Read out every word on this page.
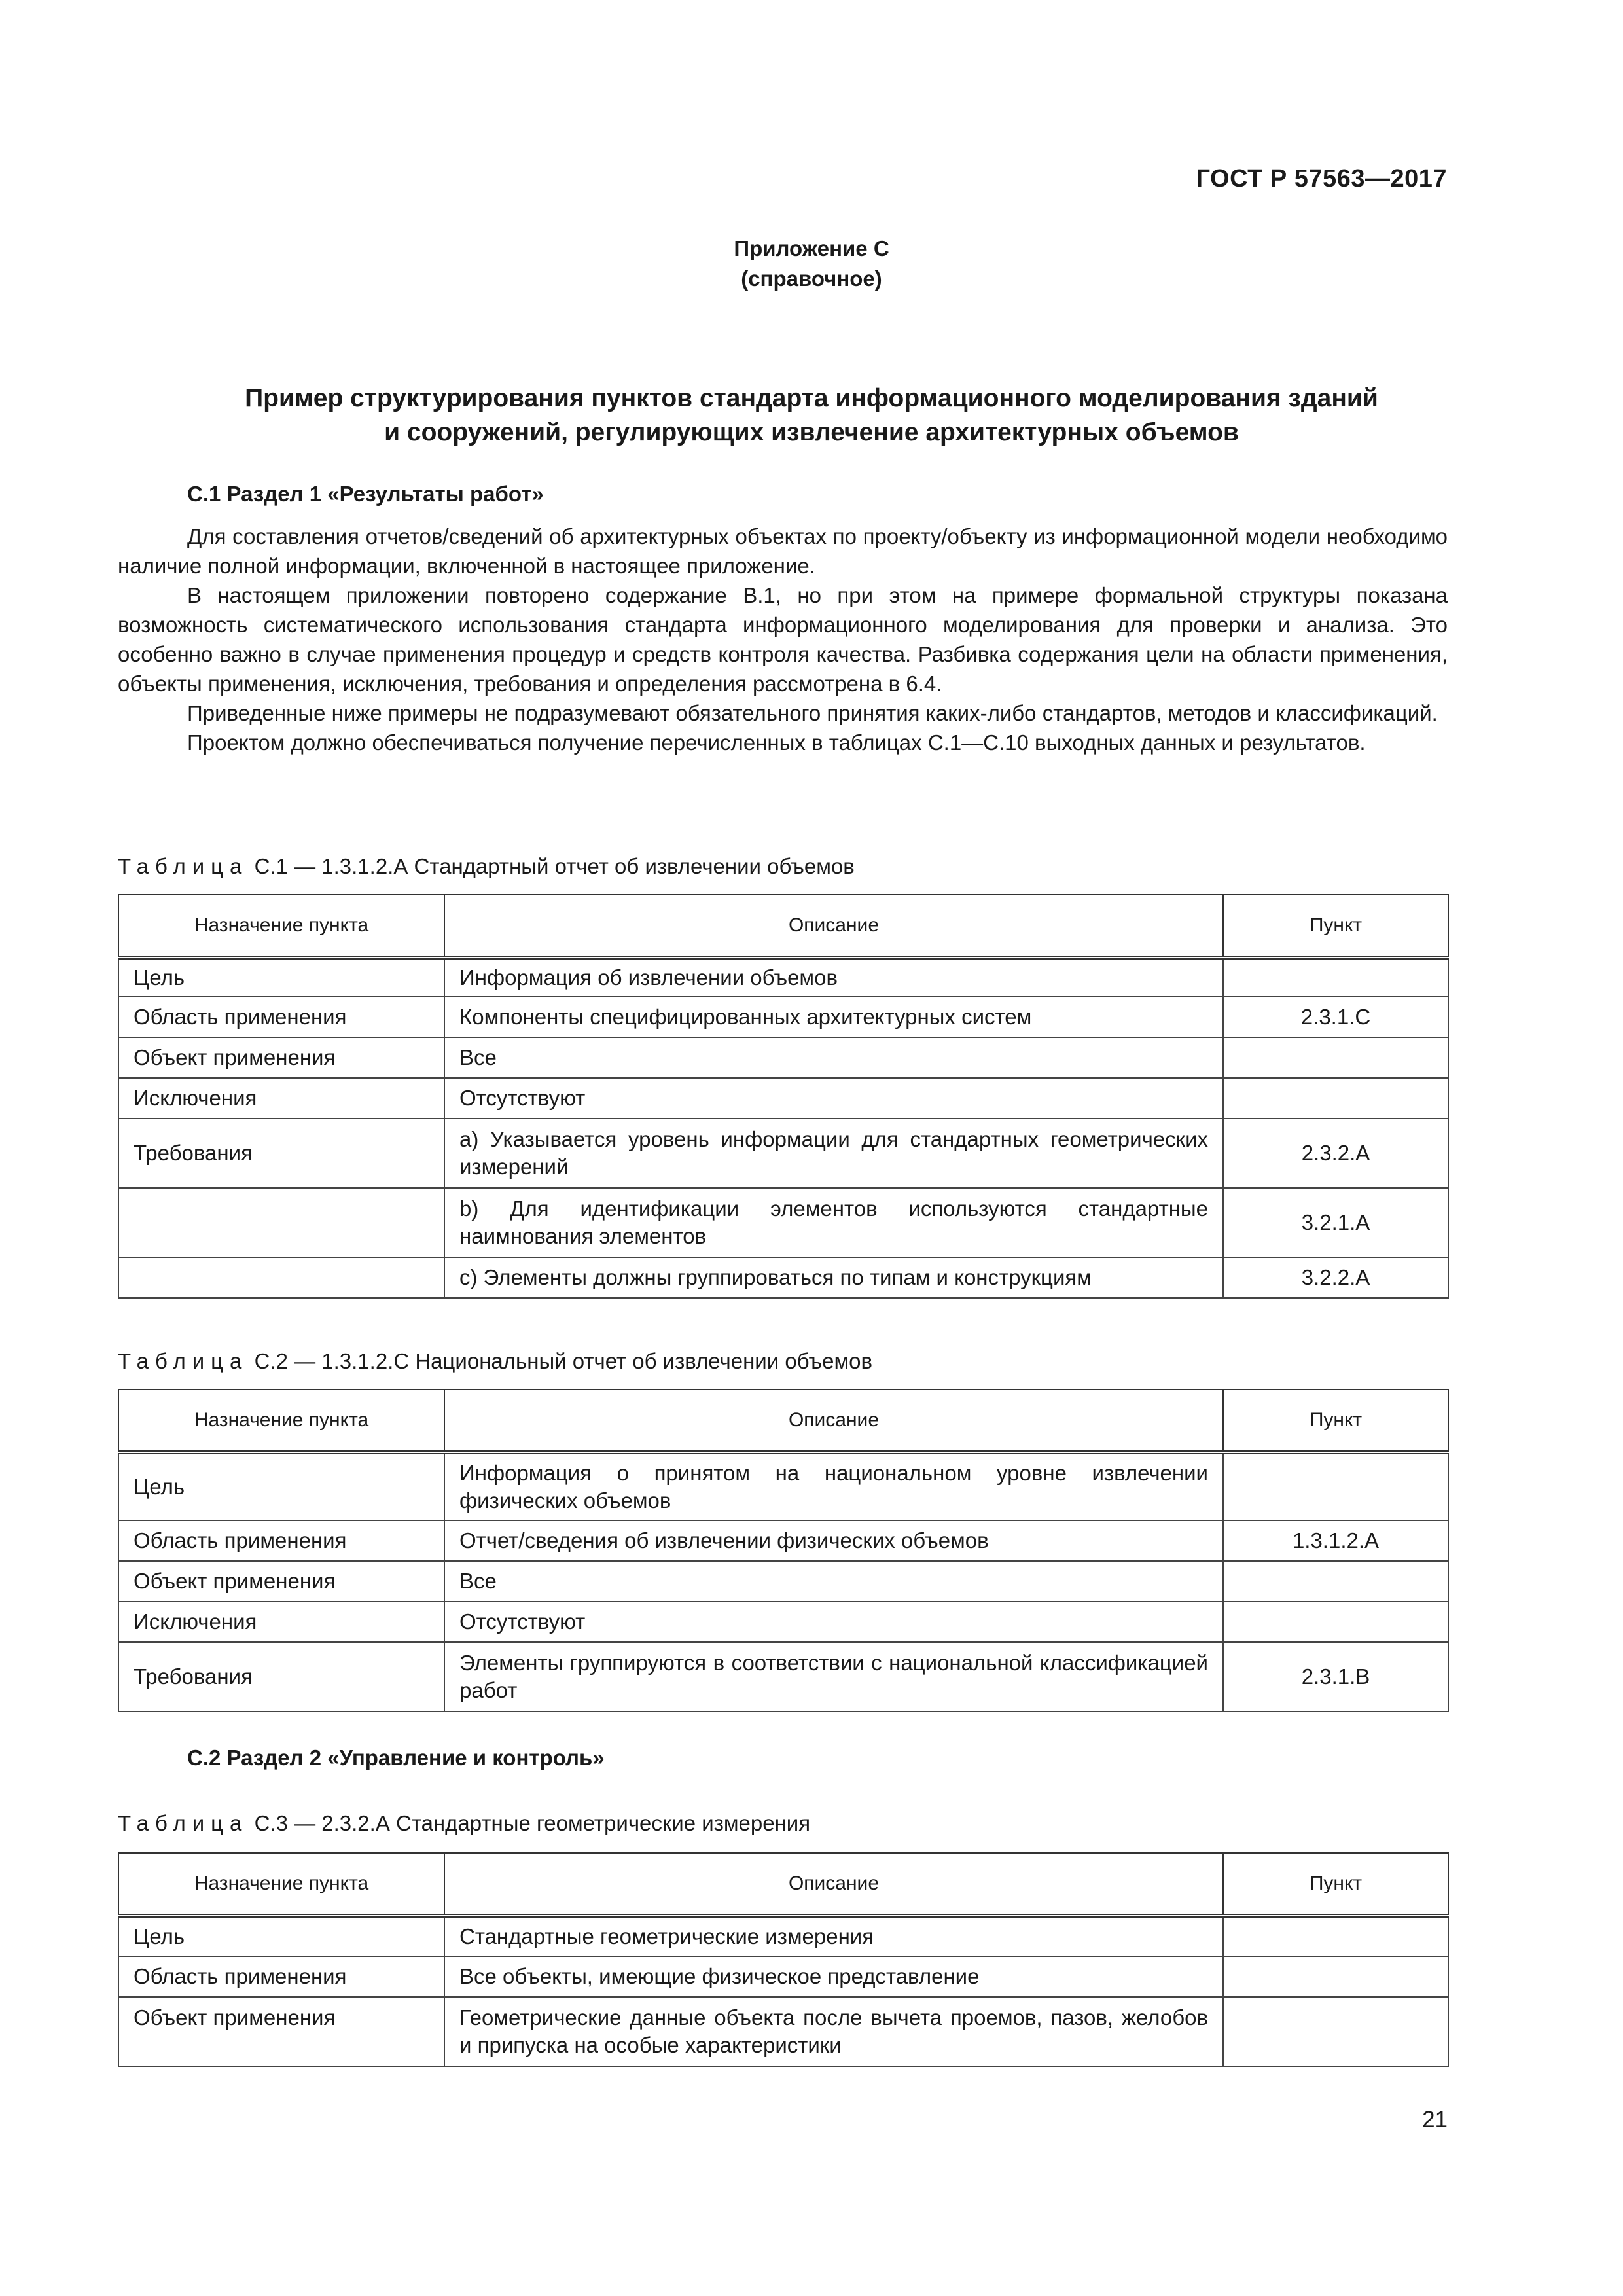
ГОСТ Р 57563—2017
Приложение С
(справочное)
Пример структурирования пунктов стандарта информационного моделирования зданий
и сооружений, регулирующих извлечение архитектурных объемов
С.1 Раздел 1 «Результаты работ»

Для составления отчетов/сведений об архитектурных объектах по проекту/объекту из информационной модели необходимо наличие полной информации, включенной в настоящее приложение.

В настоящем приложении повторено содержание В.1, но при этом на примере формальной структуры показана возможность систематического использования стандарта информационного моделирования для проверки и анализа. Это особенно важно в случае применения процедур и средств контроля качества. Разбивка содержания цели на области применения, объекты применения, исключения, требования и определения рассмотрена в 6.4.

Приведенные ниже примеры не подразумевают обязательного принятия каких-либо стандартов, методов и классификаций.

Проектом должно обеспечиваться получение перечисленных в таблицах С.1—С.10 выходных данных и результатов.

Таблица С.1 — 1.3.1.2.А Стандартный отчет об извлечении объемов
Назначение пункта	Описание	Пункт
Цель	Информация об извлечении объемов	
Область применения	Компоненты специфицированных архитектурных систем	2.3.1.С
Объект применения	Все	
Исключения	Отсутствуют	
Требования	a) Указывается уровень информации для стандартных геометрических измерений	2.3.2.А
	b) Для идентификации элементов используются стандартные наимнования элементов	3.2.1.А
	c) Элементы должны группироваться по типам и конструкциям	3.2.2.А
Таблица С.2 — 1.3.1.2.С Национальный отчет об извлечении объемов
Назначение пункта	Описание	Пункт
Цель	Информация о принятом на национальном уровне извлечении физических объемов	
Область применения	Отчет/сведения об извлечении физических объемов	1.3.1.2.А
Объект применения	Все	
Исключения	Отсутствуют	
Требования	Элементы группируются в соответствии с национальной классификацией работ	2.3.1.В
С.2 Раздел 2 «Управление и контроль»
Таблица С.3 — 2.3.2.А Стандартные геометрические измерения
Назначение пункта	Описание	Пункт
Цель	Стандартные геометрические измерения	
Область применения	Все объекты, имеющие физическое представление	
Объект применения	Геометрические данные объекта после вычета проемов, пазов, желобов и припуска на особые характеристики	
21
